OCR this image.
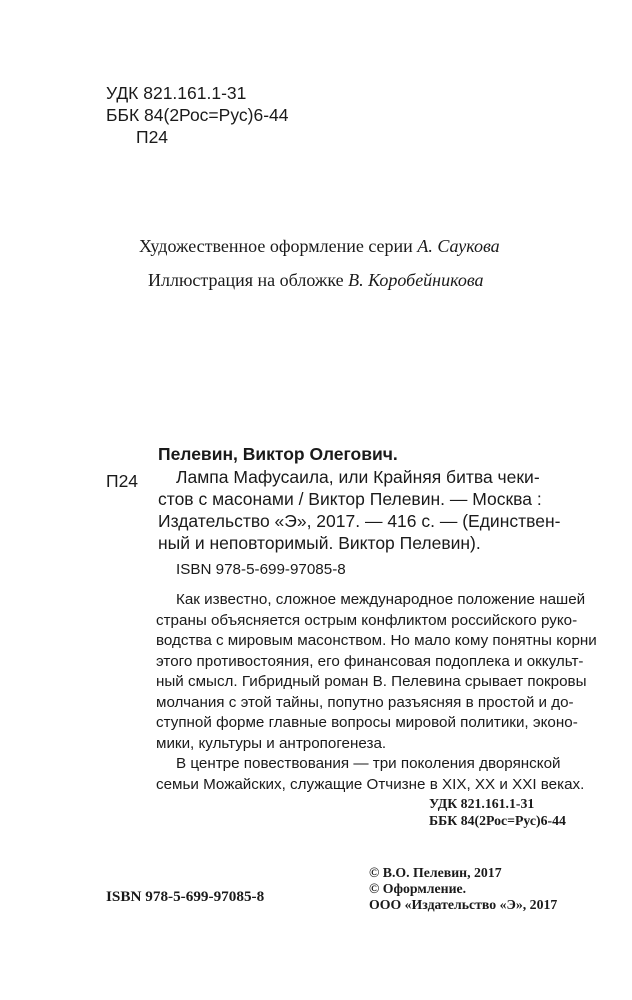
УДК 821.161.1-31
ББК 84(2Рос=Рус)6-44
П24
Художественное оформление серии А. Саукова
Иллюстрация на обложке В. Коробейникова
Пелевин, Виктор Олегович.
П24 Лампа Мафусаила, или Крайняя битва чеки-
стов с масонами / Виктор Пелевин. — Москва :
Издательство «Э», 2017. — 416 с. — (Единствен-
ный и неповторимый. Виктор Пелевин).
ISBN 978-5-699-97085-8
Как известно, сложное международное положение нашей
страны объясняется острым конфликтом российского руко-
водства с мировым масонством. Но мало кому понятны корни
этого противостояния, его финансовая подоплека и оккульт-
ный смысл. Гибридный роман В. Пелевина срывает покровы
молчания с этой тайны, попутно разъясняя в простой и до-
ступной форме главные вопросы мировой политики, эконо-
мики, культуры и антропогенеза.
В центре повествования — три поколения дворянской
семьи Можайских, служащие Отчизне в XIX, XX и XXI веках.
УДК 821.161.1-31
ББК 84(2Рос=Рус)6-44
ISBN 978-5-699-97085-8
© В.О. Пелевин, 2017
© Оформление.
ООО «Издательство «Э», 2017
